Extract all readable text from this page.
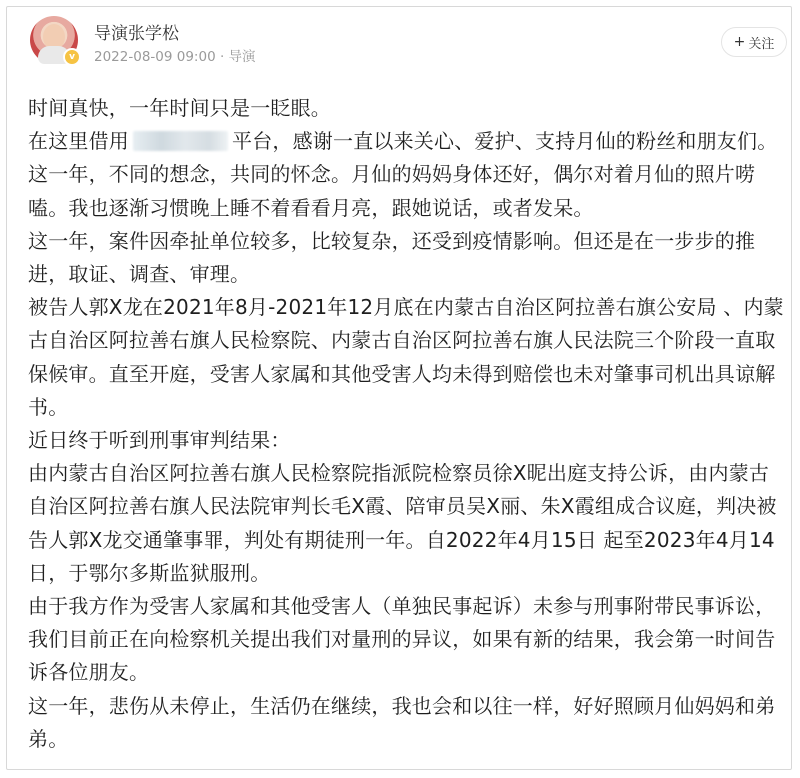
v
导演张学松
2022-08-09 09:00 · 导演
+ 关注

时间真快，一年时间只是一眨眼。

在这里借用	平台，感谢一直以来关心、爱护、支持月仙的粉丝和朋友们。

这一年，不同的想念，共同的怀念。月仙的妈妈身体还好，偶尔对着月仙的照片唠

嗑。我也逐渐习惯晚上睡不着看看月亮，跟她说话，或者发呆。

这一年，案件因牵扯单位较多，比较复杂，还受到疫情影响。但还是在一步步的推

进，取证、调查、审理。

被告人郭X龙在2021年8月-2021年12月底在内蒙古自治区阿拉善右旗公安局 、内蒙

古自治区阿拉善右旗人民检察院、内蒙古自治区阿拉善右旗人民法院三个阶段一直取

保候审。直至开庭，受害人家属和其他受害人均未得到赔偿也未对肇事司机出具谅解

书。

近日终于听到刑事审判结果：

由内蒙古自治区阿拉善右旗人民检察院指派院检察员徐X昵出庭支持公诉，由内蒙古

自治区阿拉善右旗人民法院审判长毛X霞、陪审员吴X丽、朱X霞组成合议庭，判决被

告人郭X龙交通肇事罪，判处有期徒刑一年。自2022年4月15日 起至2023年4月14

日，于鄂尔多斯监狱服刑。

由于我方作为受害人家属和其他受害人（单独民事起诉）未参与刑事附带民事诉讼，

我们目前正在向检察机关提出我们对量刑的异议，如果有新的结果，我会第一时间告

诉各位朋友。

这一年，悲伤从未停止，生活仍在继续，我也会和以往一样，好好照顾月仙妈妈和弟

弟。
